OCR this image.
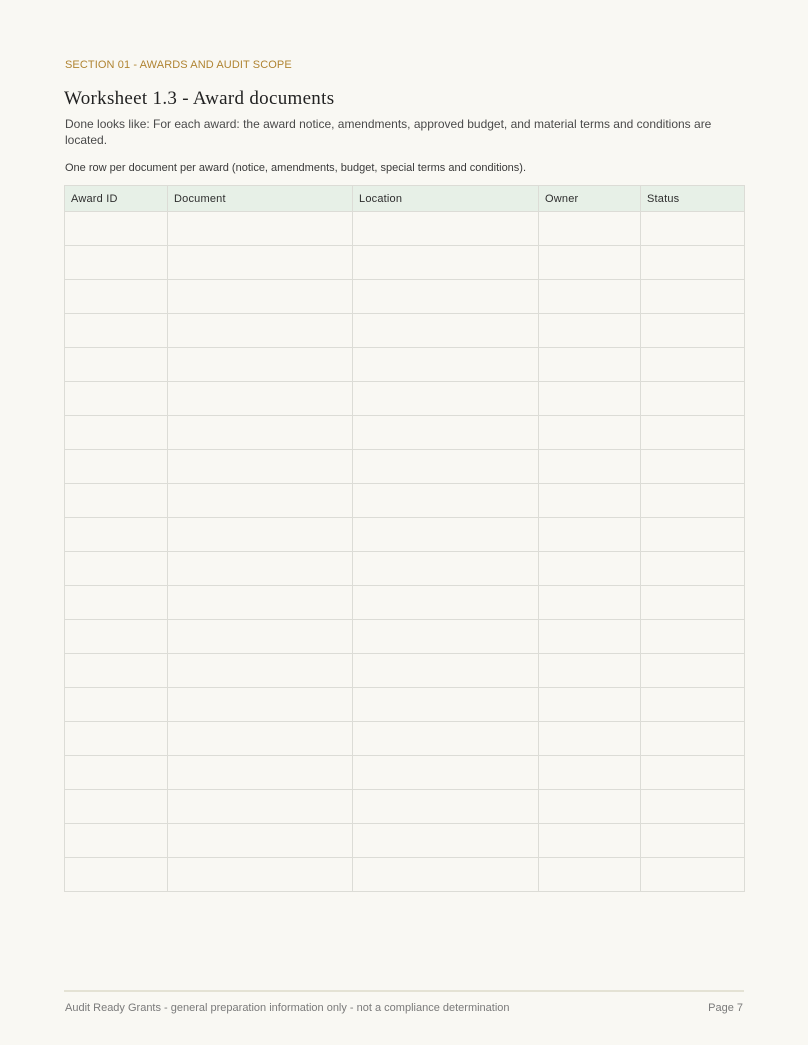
SECTION 01 - AWARDS AND AUDIT SCOPE
Worksheet 1.3 - Award documents
Done looks like: For each award: the award notice, amendments, approved budget, and material terms and conditions are located.
One row per document per award (notice, amendments, budget, special terms and conditions).
Award ID	Document	Location	Owner	Status

Audit Ready Grants - general preparation information only - not a compliance determination	Page 7
